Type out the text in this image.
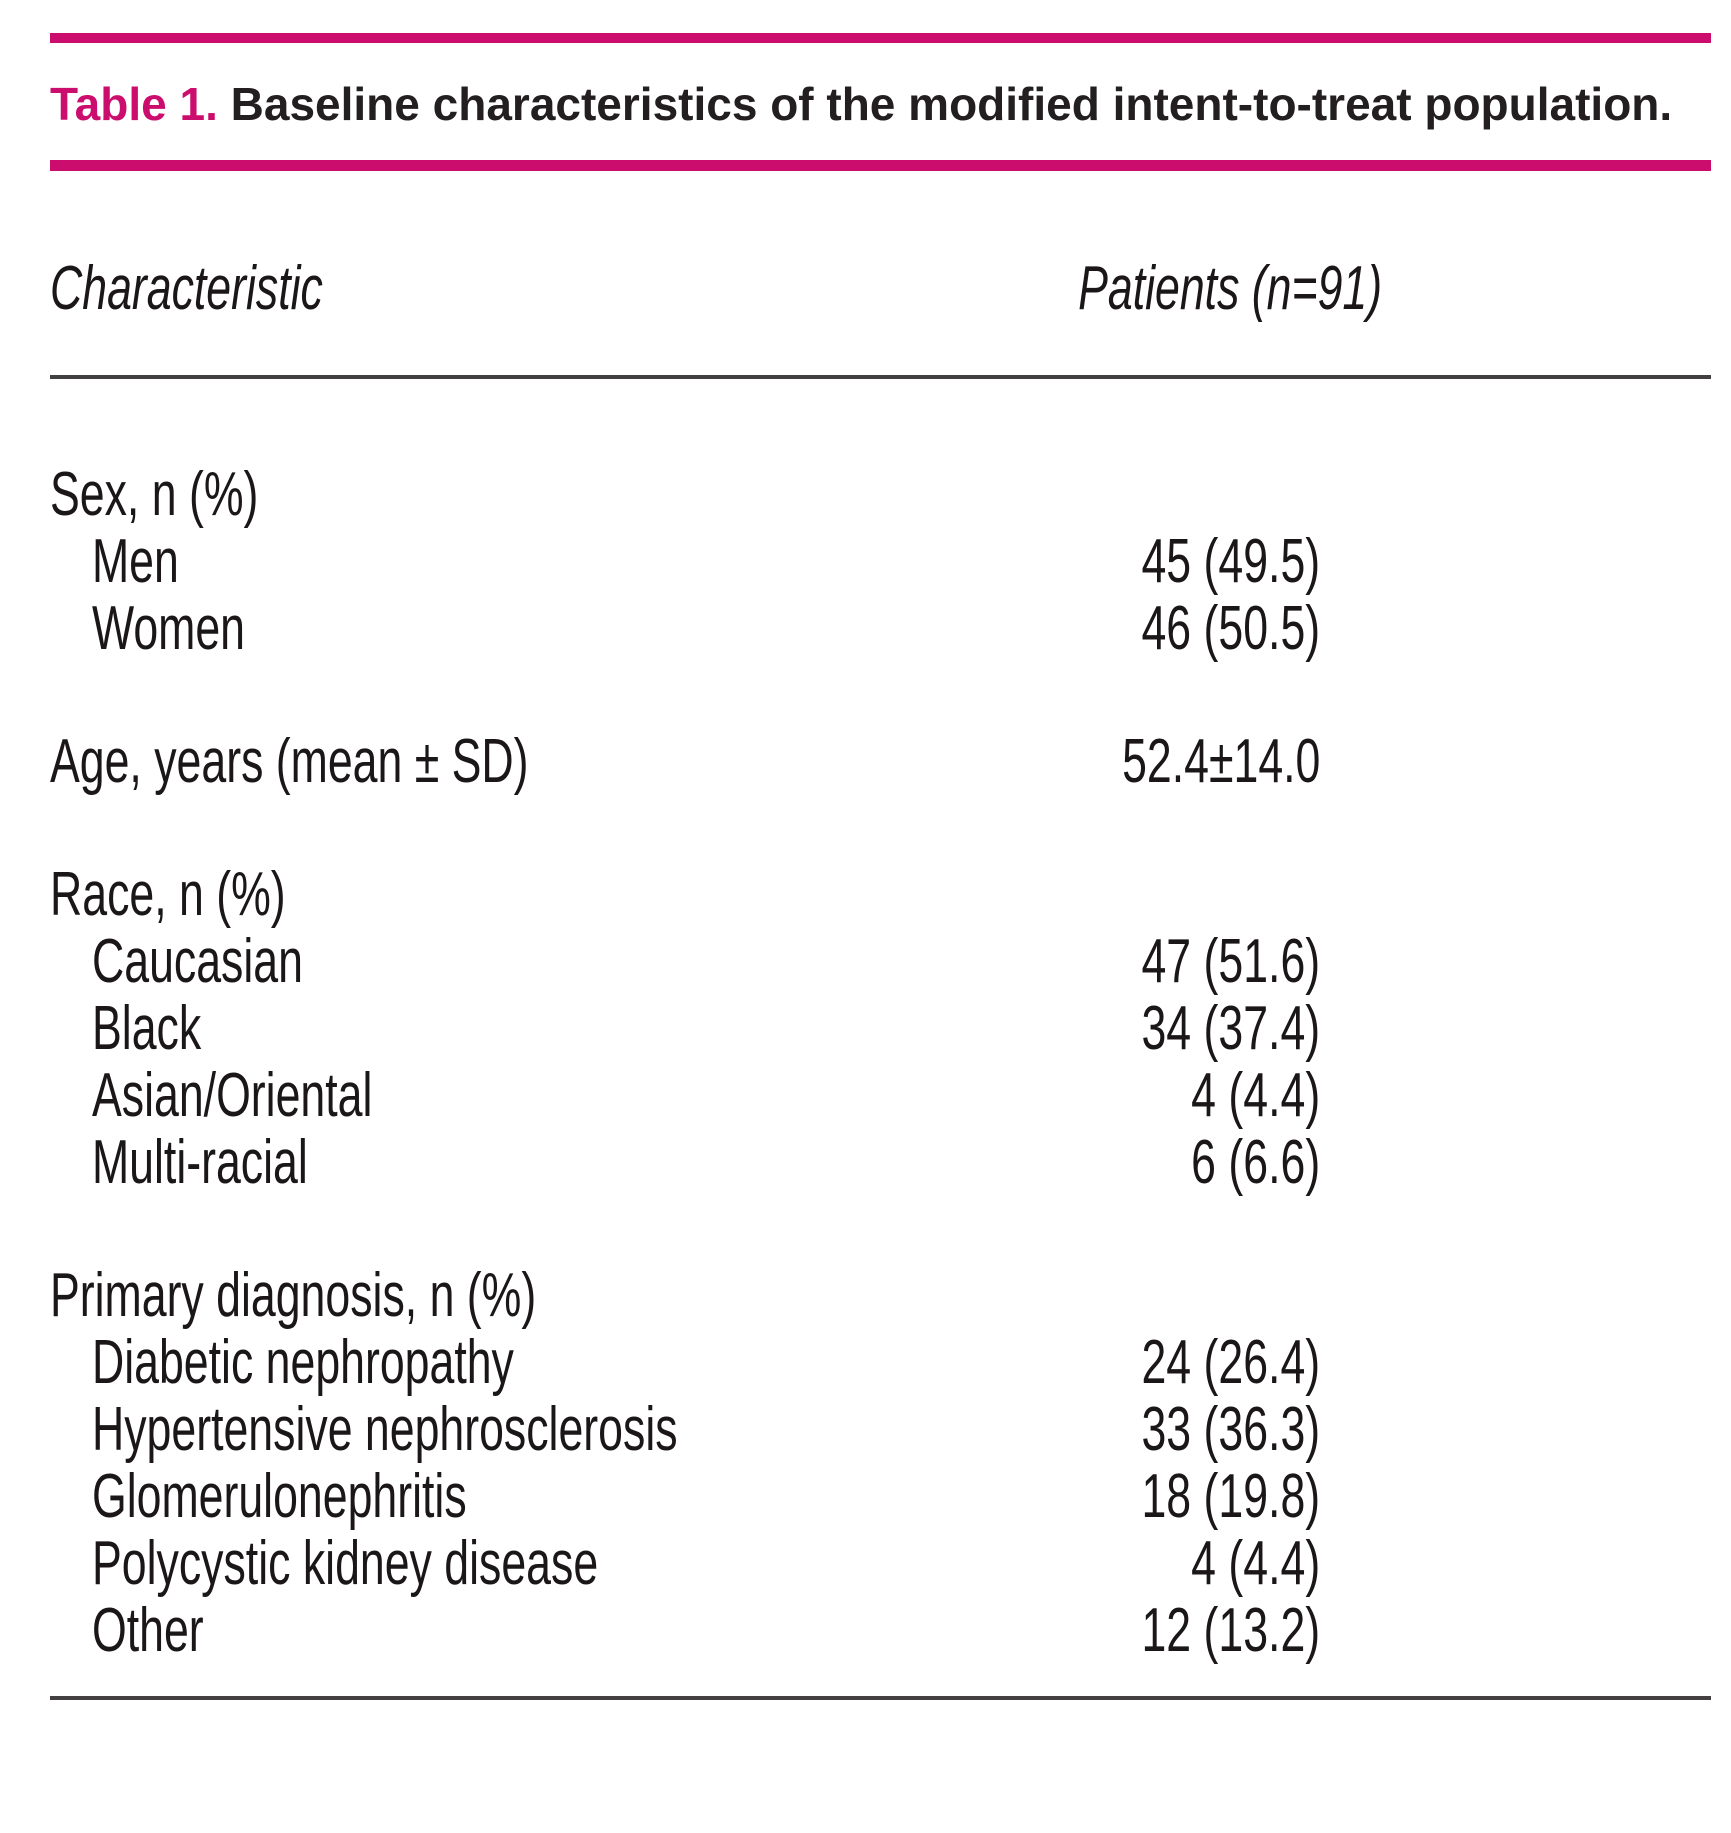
Table 1. Baseline characteristics of the modified intent-to-treat population.

Characteristic	Patients (n=91)
Sex, n (%)
Men	45 (49.5)
Women	46 (50.5)
Age, years (mean ± SD)	52.4±14.0
Race, n (%)
Caucasian	47 (51.6)
Black	34 (37.4)
Asian/Oriental	4 (4.4)
Multi-racial	6 (6.6)
Primary diagnosis, n (%)
Diabetic nephropathy	24 (26.4)
Hypertensive nephrosclerosis	33 (36.3)
Glomerulonephritis	18 (19.8)
Polycystic kidney disease	4 (4.4)
Other	12 (13.2)
